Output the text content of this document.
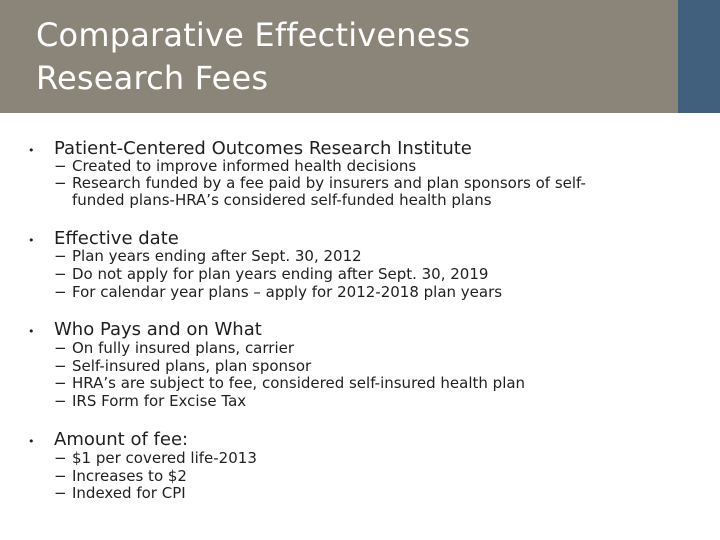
Comparative Effectiveness
Research Fees
• Patient-Centered Outcomes Research Institute
− Created to improve informed health decisions
− Research funded by a fee paid by insurers and plan sponsors of self-
funded plans-HRA’s considered self-funded health plans
• Effective date
− Plan years ending after Sept. 30, 2012
− Do not apply for plan years ending after Sept. 30, 2019
− For calendar year plans – apply for 2012-2018 plan years
• Who Pays and on What
− On fully insured plans, carrier
− Self-insured plans, plan sponsor
− HRA’s are subject to fee, considered self-insured health plan
− IRS Form for Excise Tax
• Amount of fee:
− $1 per covered life-2013
− Increases to $2
− Indexed for CPI
